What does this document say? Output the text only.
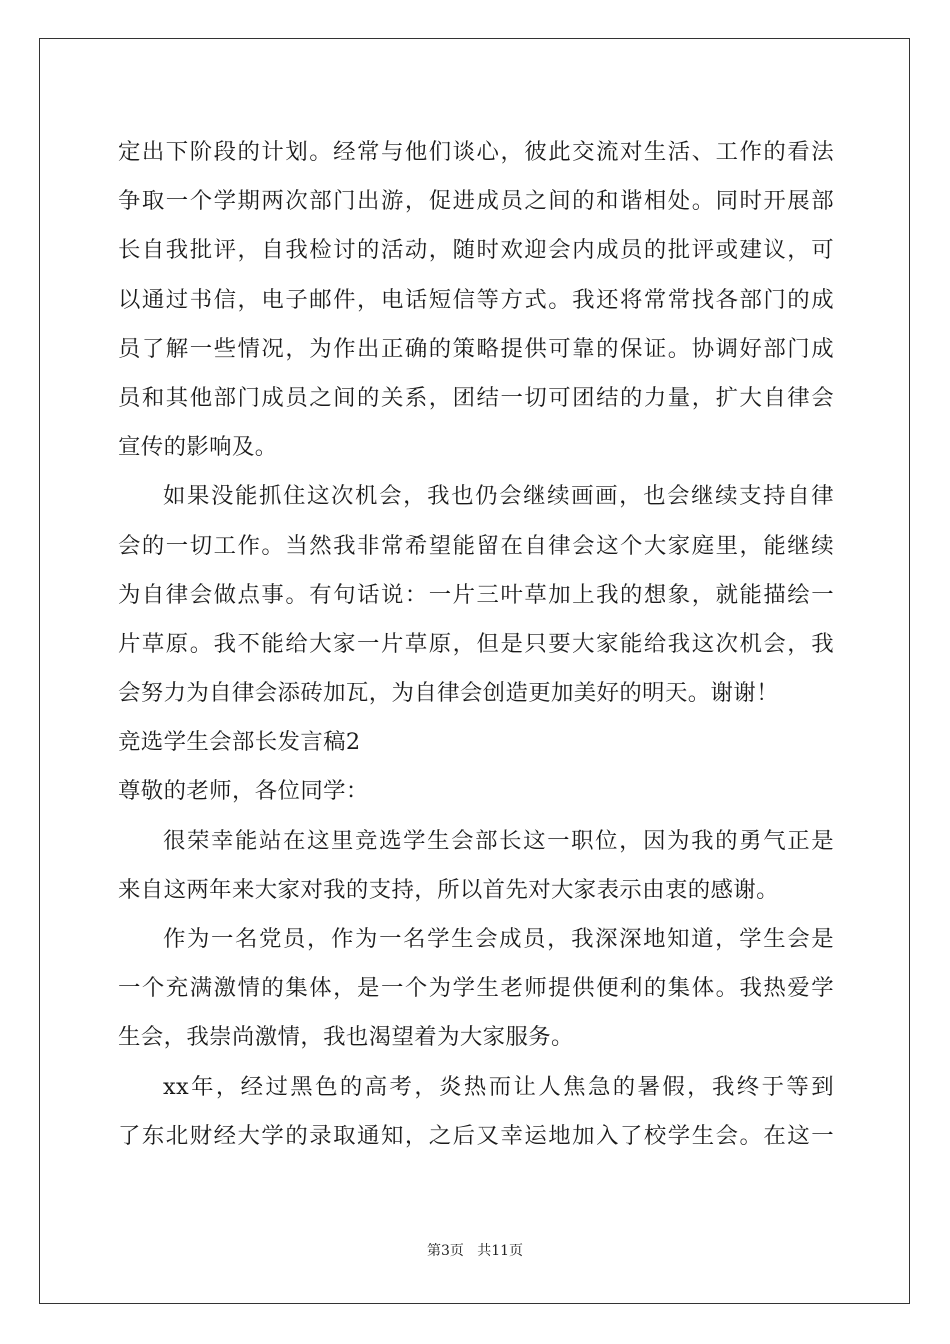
定出下阶段的计划。经常与他们谈心，彼此交流对生活、工作的看法
争取一个学期两次部门出游，促进成员之间的和谐相处。同时开展部
长自我批评，自我检讨的活动，随时欢迎会内成员的批评或建议，可
以通过书信，电子邮件，电话短信等方式。我还将常常找各部门的成
员了解一些情况，为作出正确的策略提供可靠的保证。协调好部门成
员和其他部门成员之间的关系，团结一切可团结的力量，扩大自律会
宣传的影响及。
如果没能抓住这次机会，我也仍会继续画画，也会继续支持自律
会的一切工作。当然我非常希望能留在自律会这个大家庭里，能继续
为自律会做点事。有句话说：一片三叶草加上我的想象，就能描绘一
片草原。我不能给大家一片草原，但是只要大家能给我这次机会，我
会努力为自律会添砖加瓦，为自律会创造更加美好的明天。谢谢！
竞选学生会部长发言稿2
尊敬的老师，各位同学：
很荣幸能站在这里竞选学生会部长这一职位，因为我的勇气正是
来自这两年来大家对我的支持，所以首先对大家表示由衷的感谢。
作为一名党员，作为一名学生会成员，我深深地知道，学生会是
一个充满激情的集体，是一个为学生老师提供便利的集体。我热爱学
生会，我崇尚激情，我也渴望着为大家服务。
xx年，经过黑色的高考，炎热而让人焦急的暑假，我终于等到
了东北财经大学的录取通知，之后又幸运地加入了校学生会。在这一
第3页   共11页
